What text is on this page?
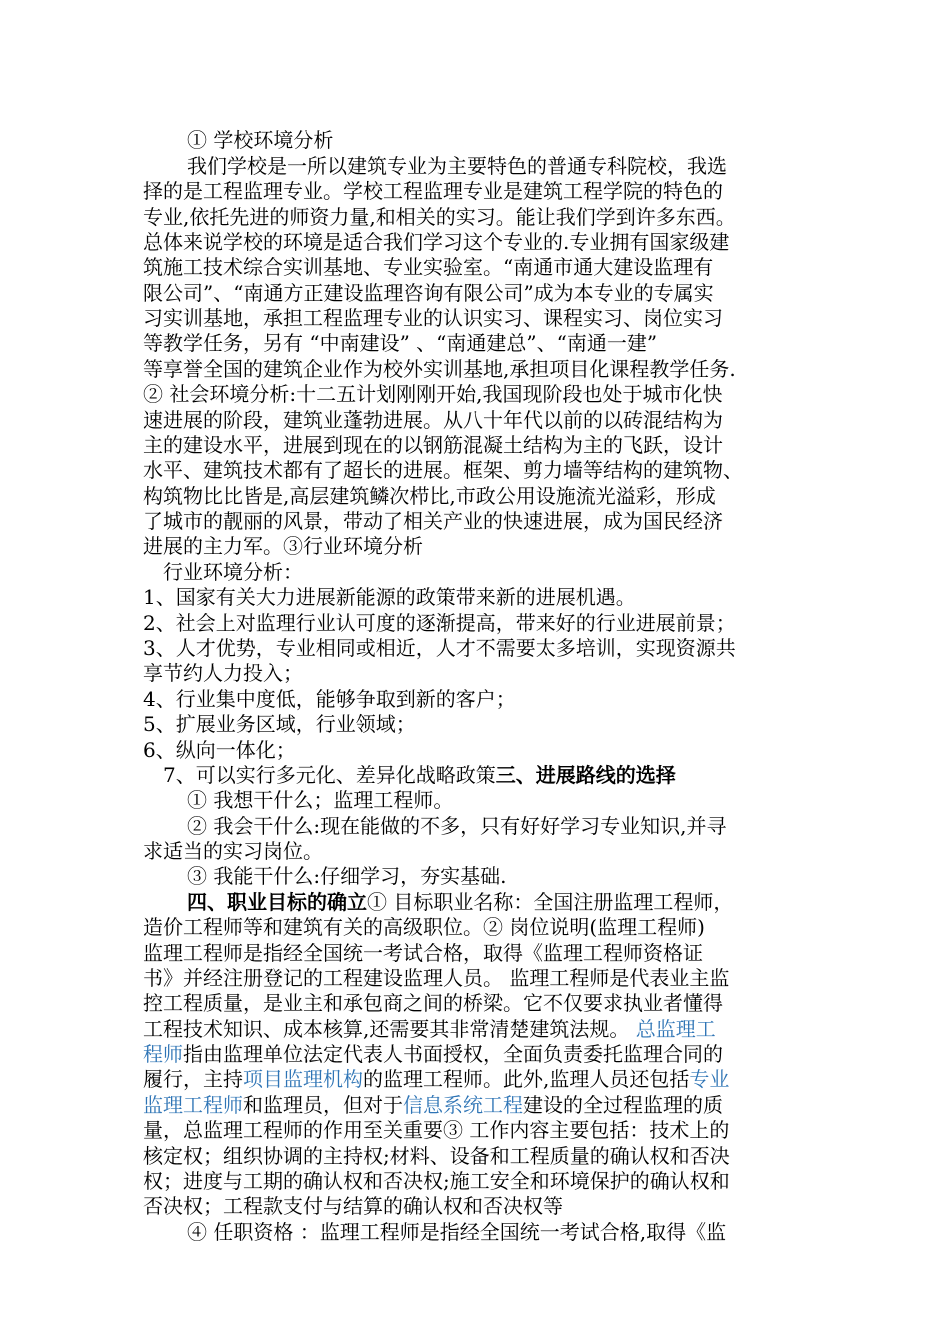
① 学校环境分析
我们学校是一所以建筑专业为主要特色的普通专科院校，我选
择的是工程监理专业。学校工程监理专业是建筑工程学院的特色的
专业,依托先进的师资力量,和相关的实习。能让我们学到许多东西。
总体来说学校的环境是适合我们学习这个专业的.专业拥有国家级建
筑施工技术综合实训基地、专业实验室。“南通市通大建设监理有
限公司”、“南通方正建设监理咨询有限公司”成为本专业的专属实
习实训基地，承担工程监理专业的认识实习、课程实习、岗位实习
等教学任务，另有 “中南建设” 、“南通建总”、“南通一建”
等享誉全国的建筑企业作为校外实训基地,承担项目化课程教学任务.
② 社会环境分析:十二五计划刚刚开始,我国现阶段也处于城市化快
速进展的阶段，建筑业蓬勃进展。从八十年代以前的以砖混结构为
主的建设水平，进展到现在的以钢筋混凝土结构为主的飞跃，设计
水平、建筑技术都有了超长的进展。框架、剪力墙等结构的建筑物、
构筑物比比皆是,高层建筑鳞次栉比,市政公用设施流光溢彩，形成
了城市的靓丽的风景，带动了相关产业的快速进展，成为国民经济
进展的主力军。③行业环境分析
行业环境分析：
1、国家有关大力进展新能源的政策带来新的进展机遇。
2、社会上对监理行业认可度的逐渐提高，带来好的行业进展前景；
3、人才优势，专业相同或相近，人才不需要太多培训，实现资源共
享节约人力投入；
4、行业集中度低，能够争取到新的客户；
5、扩展业务区域，行业领域；
6、纵向一体化；
7、可以实行多元化、差异化战略政策三、进展路线的选择
① 我想干什么；监理工程师。
② 我会干什么:现在能做的不多，只有好好学习专业知识,并寻
求适当的实习岗位。
③ 我能干什么:仔细学习，夯实基础.
四、职业目标的确立① 目标职业名称：全国注册监理工程师，
造价工程师等和建筑有关的高级职位。② 岗位说明(监理工程师)
监理工程师是指经全国统一考试合格，取得《监理工程师资格证
书》并经注册登记的工程建设监理人员。 监理工程师是代表业主监
控工程质量，是业主和承包商之间的桥梁。它不仅要求执业者懂得
工程技术知识、成本核算,还需要其非常清楚建筑法规。 总监理工
程师指由监理单位法定代表人书面授权，全面负责委托监理合同的
履行，主持项目监理机构的监理工程师。此外,监理人员还包括专业
监理工程师和监理员，但对于信息系统工程建设的全过程监理的质
量，总监理工程师的作用至关重要③ 工作内容主要包括：技术上的
核定权；组织协调的主持权;材料、设备和工程质量的确认权和否决
权；进度与工期的确认权和否决权;施工安全和环境保护的确认权和
否决权；工程款支付与结算的确认权和否决权等
④ 任职资格 ：监理工程师是指经全国统一考试合格,取得《监
